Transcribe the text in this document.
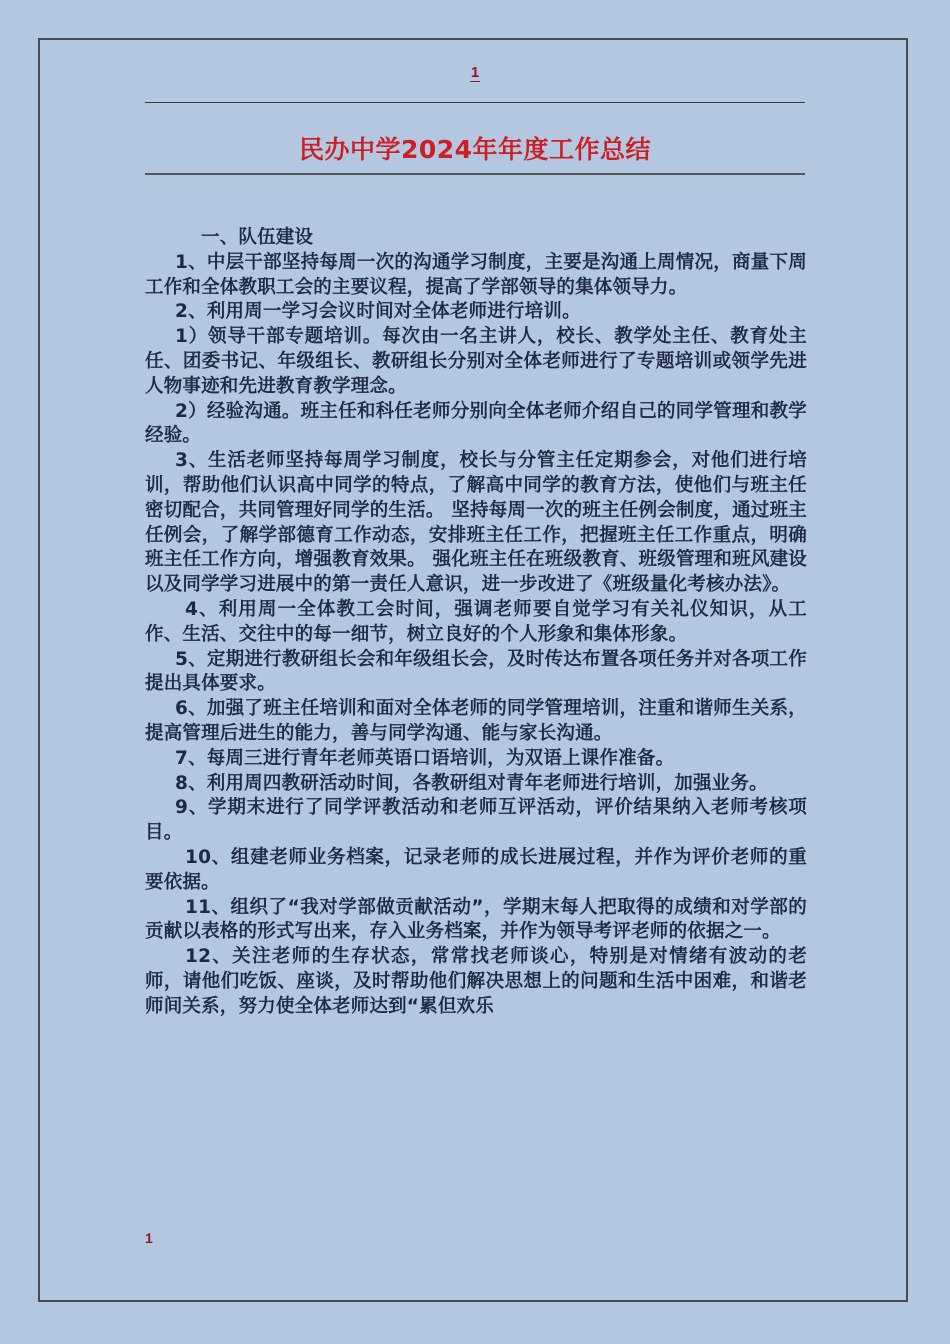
1
民办中学2024年年度工作总结

一、队伍建设

1、中层干部坚持每周一次的沟通学习制度，主要是沟通上周情况，商量下周工作和全体教职工会的主要议程，提高了学部领导的集体领导力。

2、利用周一学习会议时间对全体老师进行培训。

1）领导干部专题培训。每次由一名主讲人，校长、教学处主任、教育处主任、团委书记、年级组长、教研组长分别对全体老师进行了专题培训或领学先进人物事迹和先进教育教学理念。

2）经验沟通。班主任和科任老师分别向全体老师介绍自己的同学管理和教学经验。

3、生活老师坚持每周学习制度，校长与分管主任定期参会，对他们进行培训，帮助他们认识高中同学的特点，了解高中同学的教育方法，使他们与班主任密切配合，共同管理好同学的生活。 坚持每周一次的班主任例会制度，通过班主任例会，了解学部德育工作动态，安排班主任工作，把握班主任工作重点，明确班主任工作方向，增强教育效果。 强化班主任在班级教育、班级管理和班风建设以及同学学习进展中的第一责任人意识，进一步改进了《班级量化考核办法》。

4、利用周一全体教工会时间，强调老师要自觉学习有关礼仪知识，从工作、生活、交往中的每一细节，树立良好的个人形象和集体形象。

5、定期进行教研组长会和年级组长会，及时传达布置各项任务并对各项工作提出具体要求。

6、加强了班主任培训和面对全体老师的同学管理培训，注重和谐师生关系，提高管理后进生的能力，善与同学沟通、能与家长沟通。

7、每周三进行青年老师英语口语培训，为双语上课作准备。

8、利用周四教研活动时间，各教研组对青年老师进行培训，加强业务。

9、学期末进行了同学评教活动和老师互评活动，评价结果纳入老师考核项目。

10、组建老师业务档案，记录老师的成长进展过程，并作为评价老师的重要依据。

11、组织了“我对学部做贡献活动”，学期末每人把取得的成绩和对学部的贡献以表格的形式写出来，存入业务档案，并作为领导考评老师的依据之一。

12、关注老师的生存状态，常常找老师谈心，特别是对情绪有波动的老师，请他们吃饭、座谈，及时帮助他们解决思想上的问题和生活中困难，和谐老师间关系，努力使全体老师达到“累但欢乐

1
